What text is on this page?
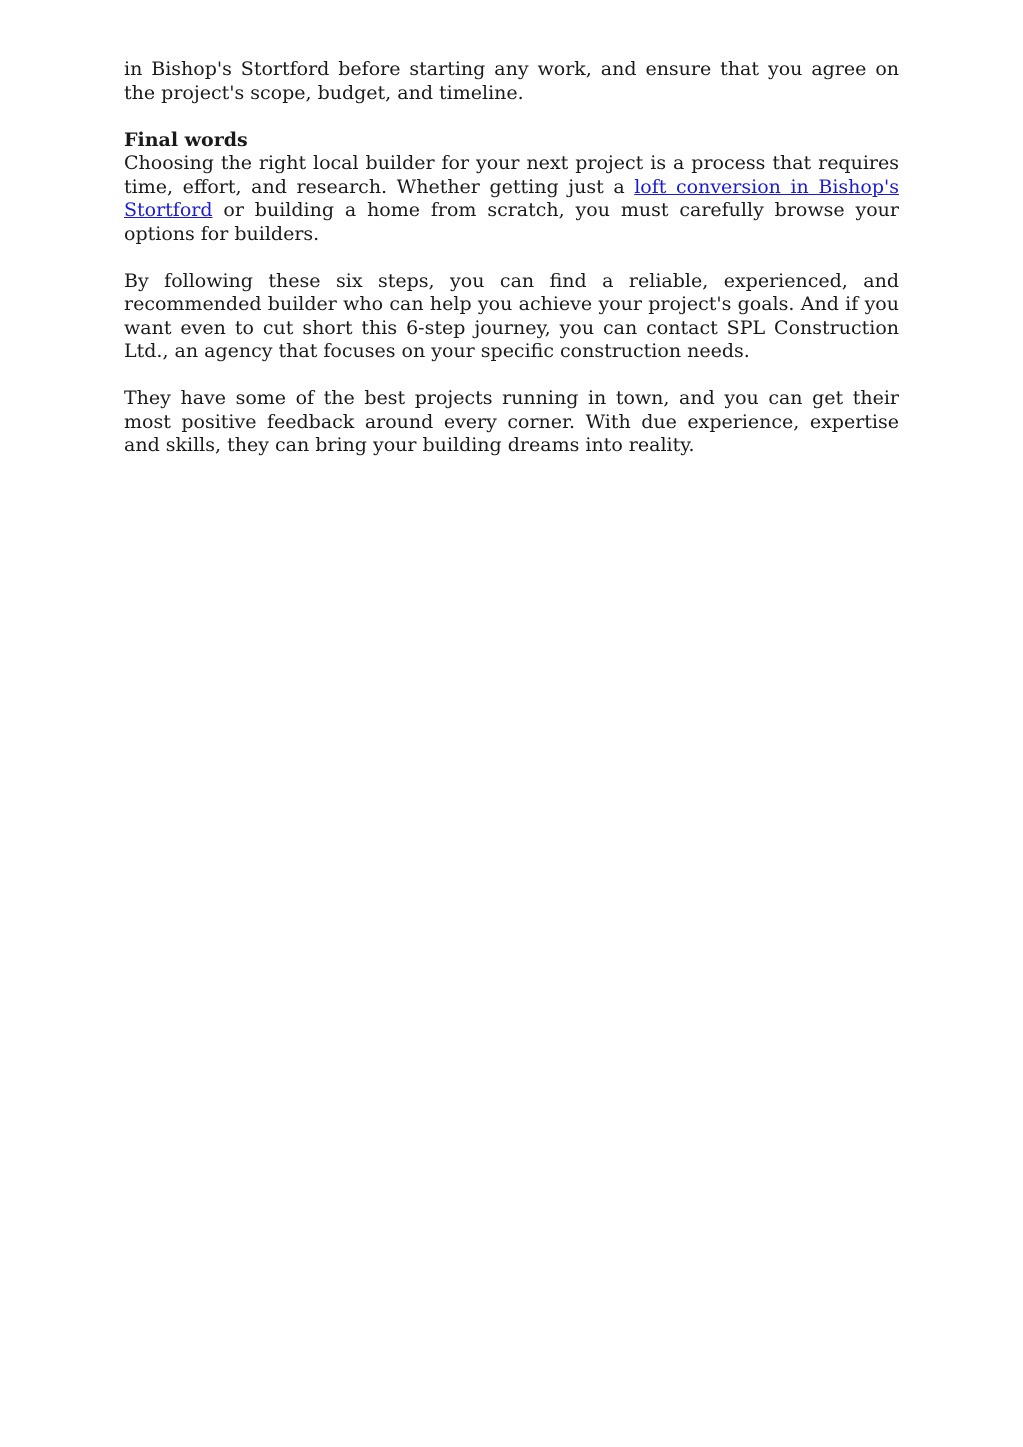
in Bishop's Stortford before starting any work, and ensure that you agree on the project's scope, budget, and timeline.

Final words

Choosing the right local builder for your next project is a process that requires time, effort, and research. Whether getting just a loft conversion in Bishop's Stortford or building a home from scratch, you must carefully browse your options for builders.

By following these six steps, you can find a reliable, experienced, and recommended builder who can help you achieve your project's goals. And if you want even to cut short this 6-step journey, you can contact SPL Construction Ltd., an agency that focuses on your specific construction needs.

They have some of the best projects running in town, and you can get their most positive feedback around every corner. With due experience, expertise and skills, they can bring your building dreams into reality.
